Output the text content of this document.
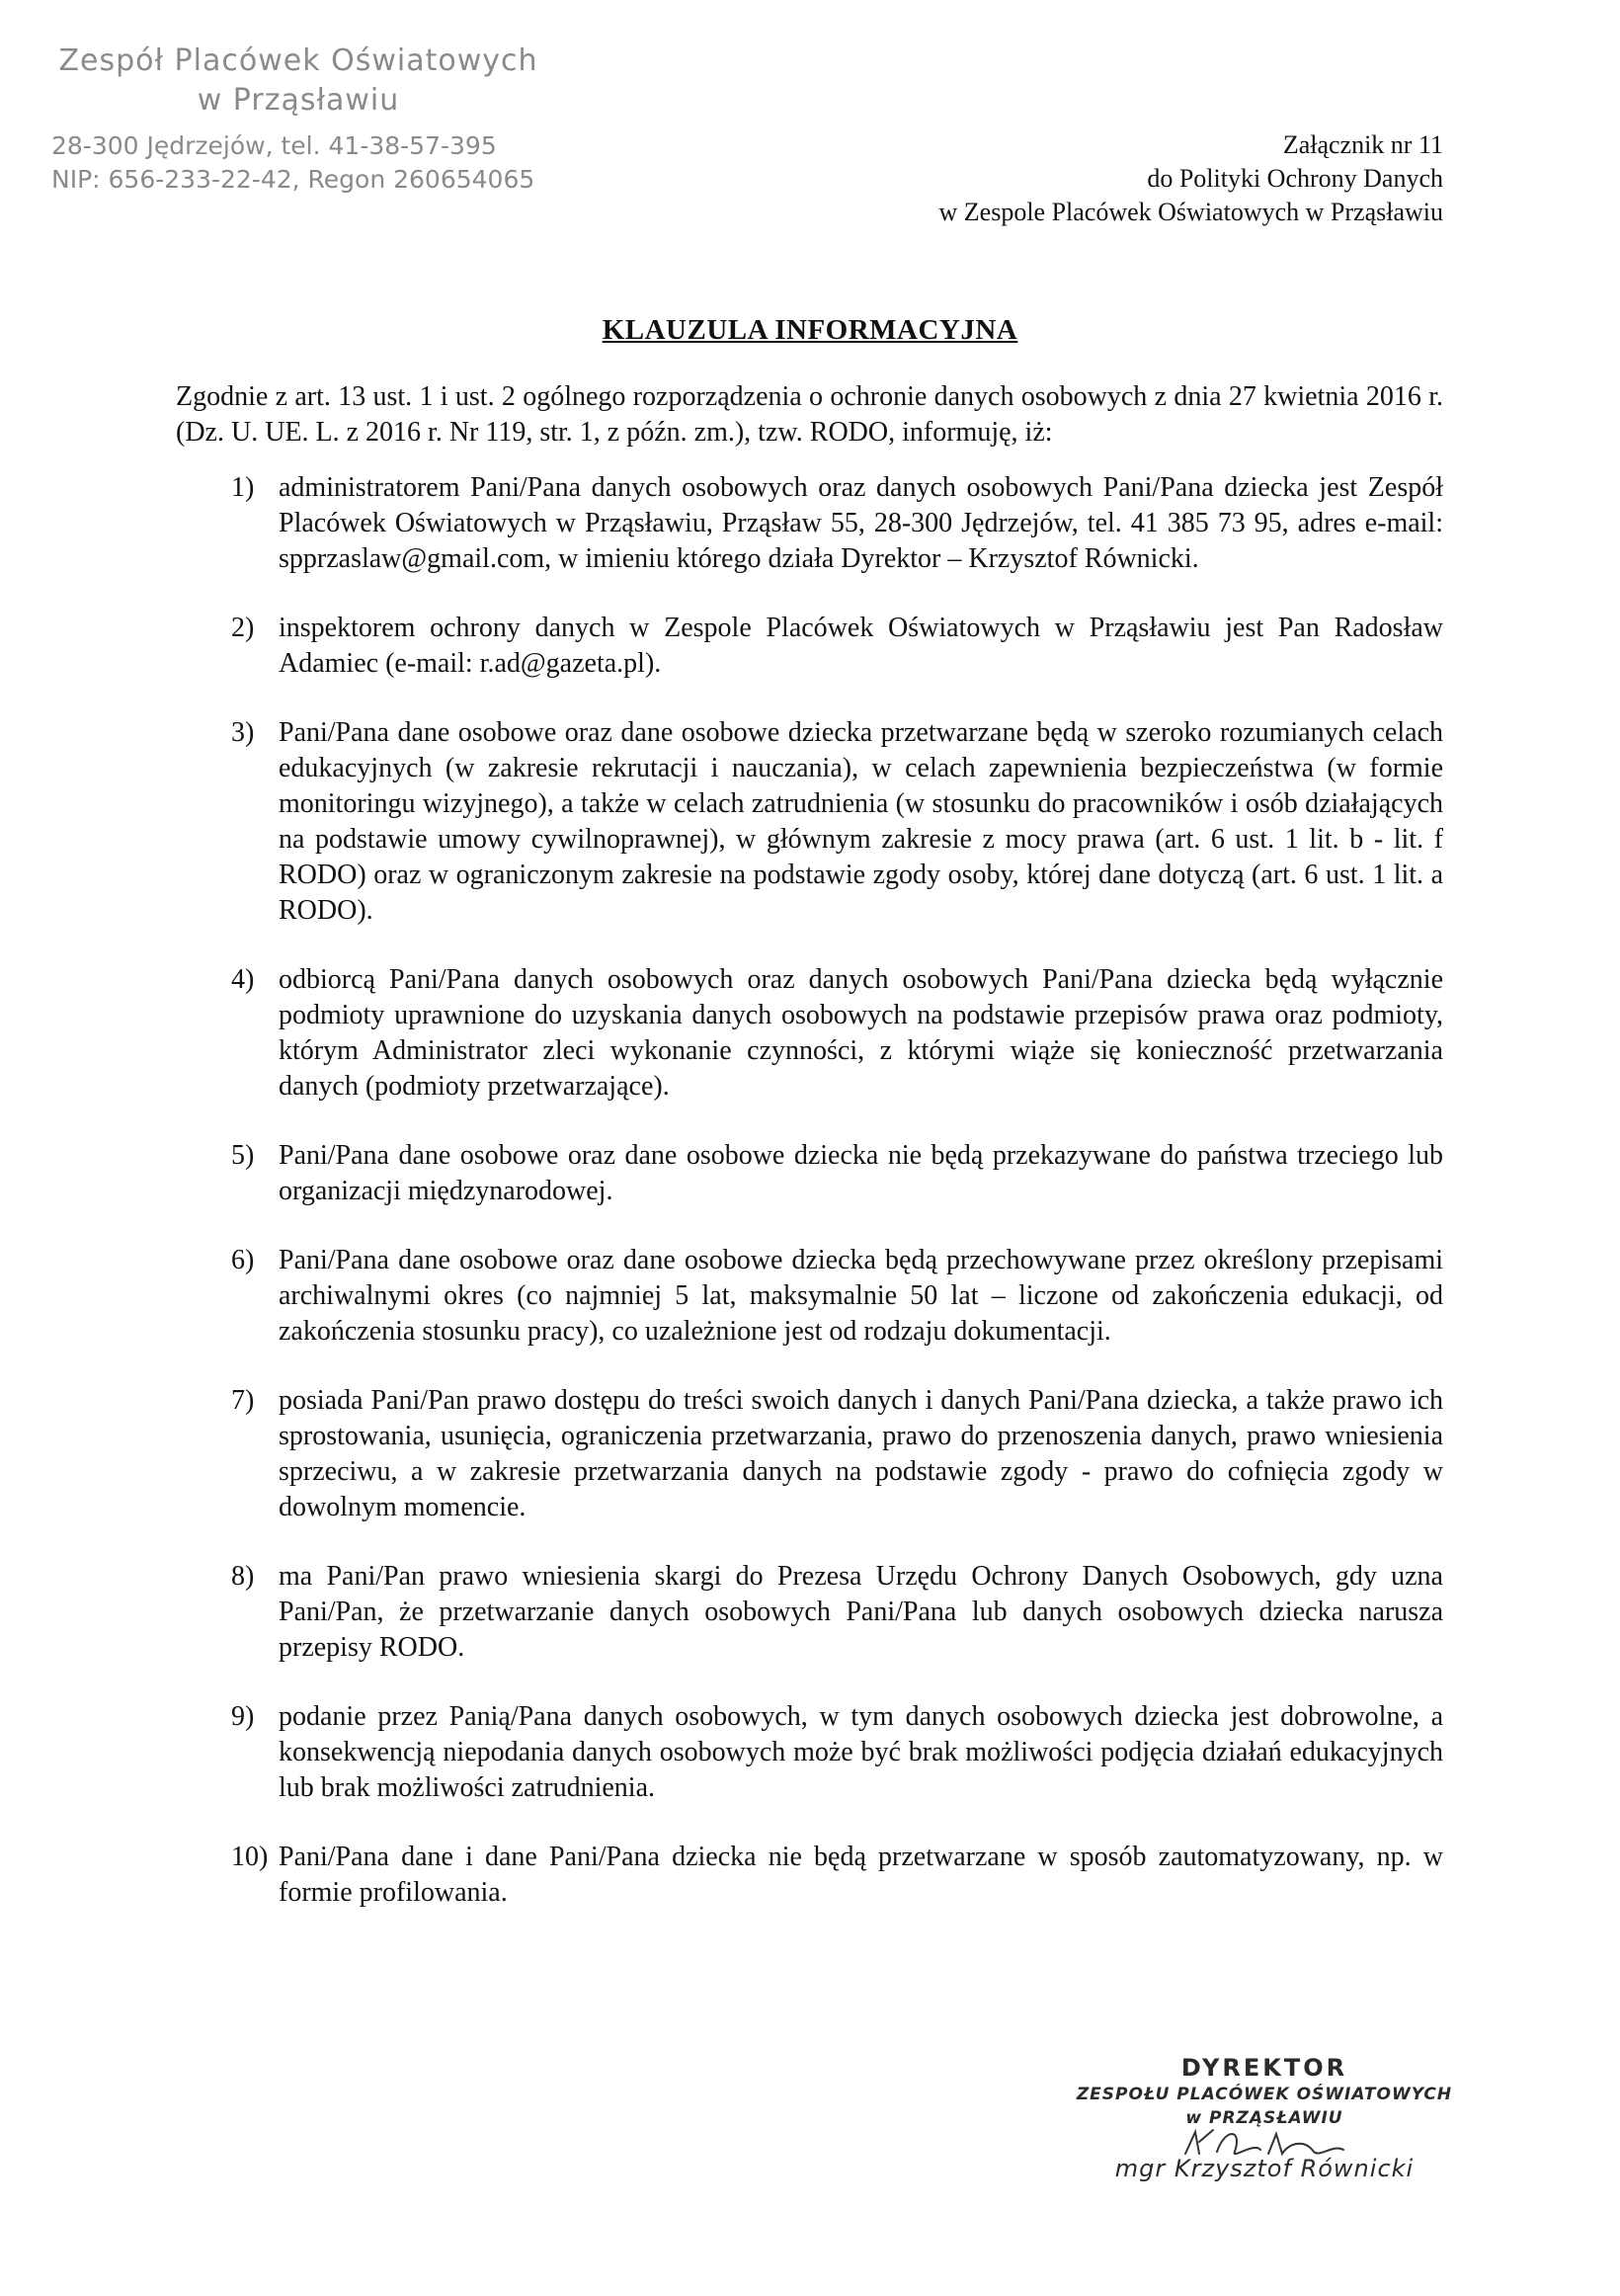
Zespół Placówek Oświatowych
w Prząsławiu
28-300 Jędrzejów, tel. 41-38-57-395
NIP: 656-233-22-42, Regon 260654065
Załącznik nr 11
do Polityki Ochrony Danych
w Zespole Placówek Oświatowych w Prząsławiu
KLAUZULA INFORMACYJNA
Zgodnie z art. 13 ust. 1 i ust. 2 ogólnego rozporządzenia o ochronie danych osobowych z dnia 27 kwietnia 2016 r. (Dz. U. UE. L. z 2016 r. Nr 119, str. 1, z późn. zm.), tzw. RODO, informuję, iż:
1) administratorem Pani/Pana danych osobowych oraz danych osobowych Pani/Pana dziecka jest Zespół Placówek Oświatowych w Prząsławiu, Prząsław 55, 28-300 Jędrzejów, tel. 41 385 73 95, adres e-mail: spprzaslaw@gmail.com, w imieniu którego działa Dyrektor – Krzysztof Równicki.
2) inspektorem ochrony danych w Zespole Placówek Oświatowych w Prząsławiu jest Pan Radosław Adamiec (e-mail: r.ad@gazeta.pl).
3) Pani/Pana dane osobowe oraz dane osobowe dziecka przetwarzane będą w szeroko rozumianych celach edukacyjnych (w zakresie rekrutacji i nauczania), w celach zapewnienia bezpieczeństwa (w formie monitoringu wizyjnego), a także w celach zatrudnienia (w stosunku do pracowników i osób działających na podstawie umowy cywilnoprawnej), w głównym zakresie z mocy prawa (art. 6 ust. 1 lit. b - lit. f RODO) oraz w ograniczonym zakresie na podstawie zgody osoby, której dane dotyczą (art. 6 ust. 1 lit. a RODO).
4) odbiorcą Pani/Pana danych osobowych oraz danych osobowych Pani/Pana dziecka będą wyłącznie podmioty uprawnione do uzyskania danych osobowych na podstawie przepisów prawa oraz podmioty, którym Administrator zleci wykonanie czynności, z którymi wiąże się konieczność przetwarzania danych (podmioty przetwarzające).
5) Pani/Pana dane osobowe oraz dane osobowe dziecka nie będą przekazywane do państwa trzeciego lub organizacji międzynarodowej.
6) Pani/Pana dane osobowe oraz dane osobowe dziecka będą przechowywane przez określony przepisami archiwalnymi okres (co najmniej 5 lat, maksymalnie 50 lat – liczone od zakończenia edukacji, od zakończenia stosunku pracy), co uzależnione jest od rodzaju dokumentacji.
7) posiada Pani/Pan prawo dostępu do treści swoich danych i danych Pani/Pana dziecka, a także prawo ich sprostowania, usunięcia, ograniczenia przetwarzania, prawo do przenoszenia danych, prawo wniesienia sprzeciwu, a w zakresie przetwarzania danych na podstawie zgody - prawo do cofnięcia zgody w dowolnym momencie.
8) ma Pani/Pan prawo wniesienia skargi do Prezesa Urzędu Ochrony Danych Osobowych, gdy uzna Pani/Pan, że przetwarzanie danych osobowych Pani/Pana lub danych osobowych dziecka narusza przepisy RODO.
9) podanie przez Panią/Pana danych osobowych, w tym danych osobowych dziecka jest dobrowolne, a konsekwencją niepodania danych osobowych może być brak możliwości podjęcia działań edukacyjnych lub brak możliwości zatrudnienia.
10) Pani/Pana dane i dane Pani/Pana dziecka nie będą przetwarzane w sposób zautomatyzowany, np. w formie profilowania.
DYREKTOR
ZESPOŁU PLACÓWEK OŚWIATOWYCH
w PRZĄSŁAWIU
mgr Krzysztof Równicki
